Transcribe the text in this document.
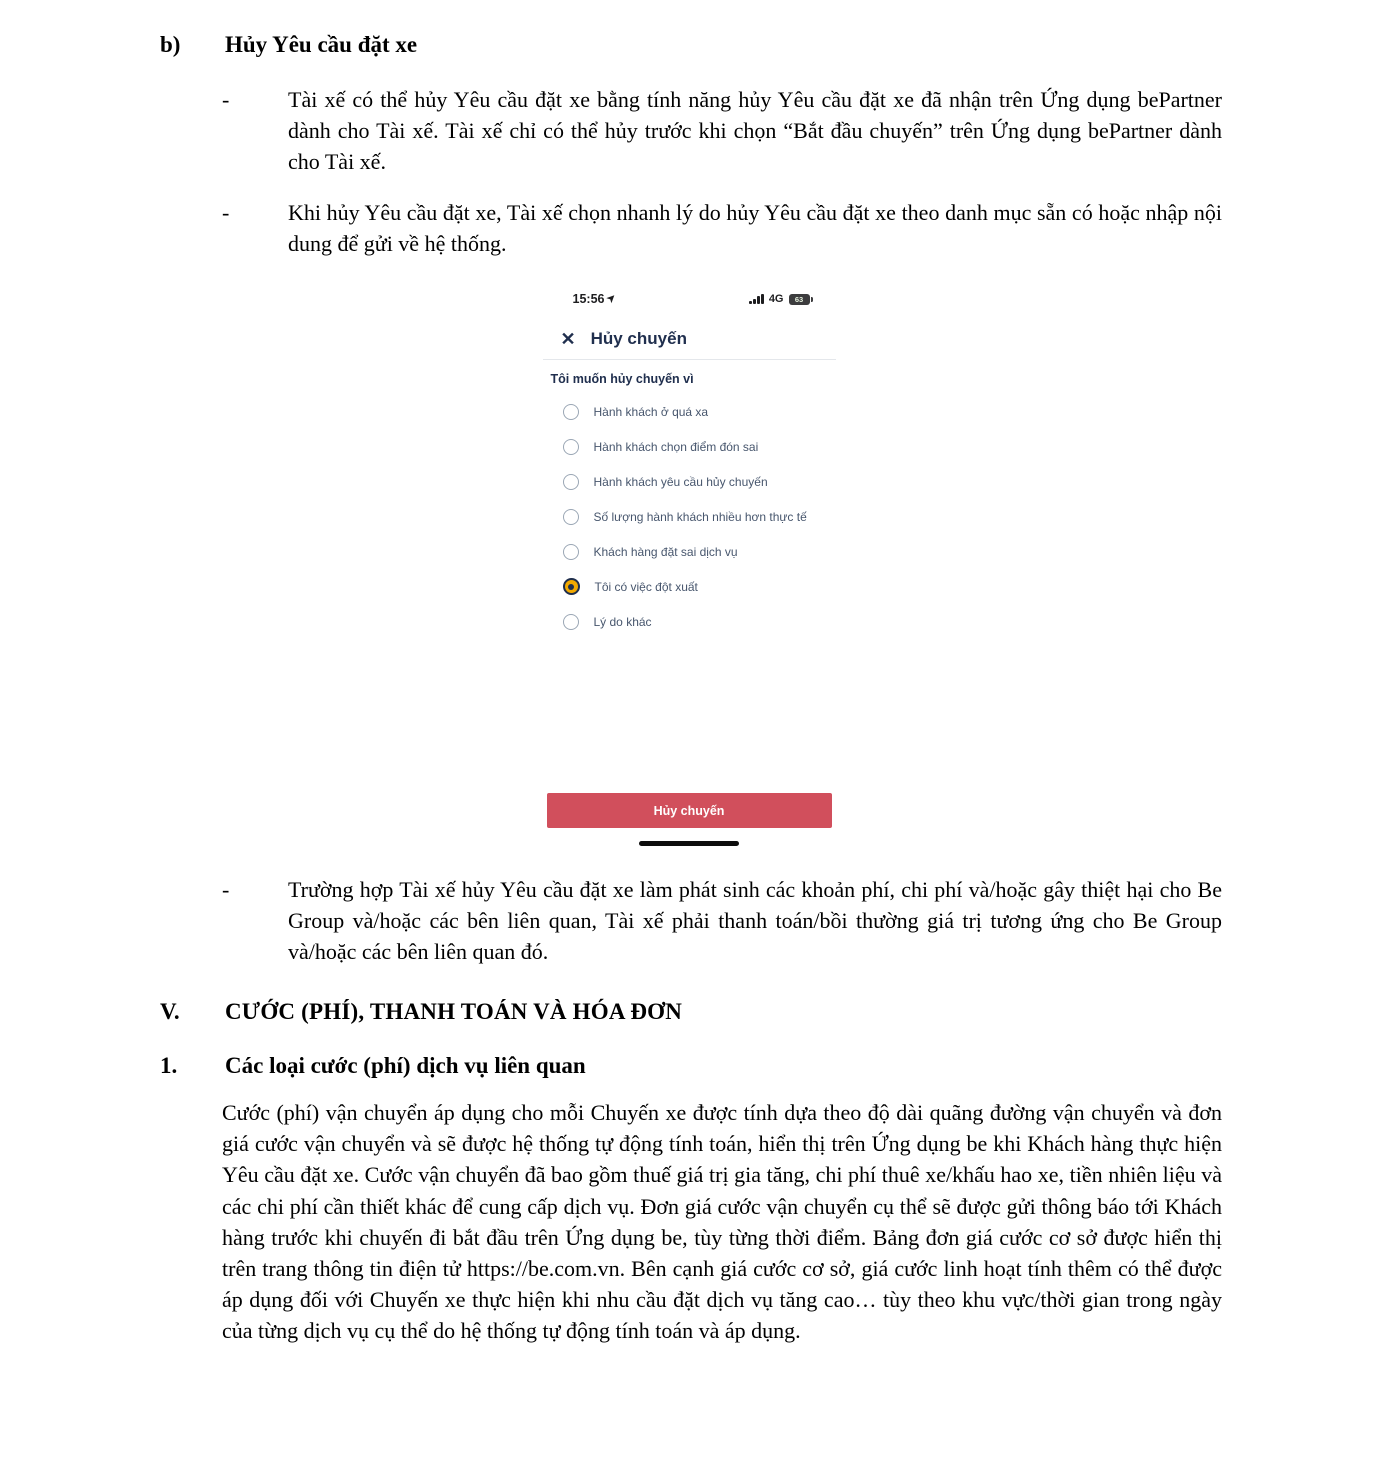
b)	Hủy Yêu cầu đặt xe
-	Tài xế có thể hủy Yêu cầu đặt xe bằng tính năng hủy Yêu cầu đặt xe đã nhận trên Ứng dụng bePartner dành cho Tài xế. Tài xế chỉ có thể hủy trước khi chọn “Bắt đầu chuyến” trên Ứng dụng bePartner dành cho Tài xế.

-	Khi hủy Yêu cầu đặt xe, Tài xế chọn nhanh lý do hủy Yêu cầu đặt xe theo danh mục sẵn có hoặc nhập nội dung để gửi về hệ thống.

15:56 ➤	4G 63
✕ Hủy chuyến
Tôi muốn hủy chuyến vì
Hành khách ở quá xa
Hành khách chọn điểm đón sai
Hành khách yêu cầu hủy chuyến
Số lượng hành khách nhiều hơn thực tế
Khách hàng đặt sai dịch vụ
Tôi có việc đột xuất
Lý do khác
Hủy chuyến
-	Trường hợp Tài xế hủy Yêu cầu đặt xe làm phát sinh các khoản phí, chi phí và/hoặc gây thiệt hại cho Be Group và/hoặc các bên liên quan, Tài xế phải thanh toán/bồi thường giá trị tương ứng cho Be Group và/hoặc các bên liên quan đó.

V.	CƯỚC (PHÍ), THANH TOÁN VÀ HÓA ĐƠN
1.	Các loại cước (phí) dịch vụ liên quan

Cước (phí) vận chuyển áp dụng cho mỗi Chuyến xe được tính dựa theo độ dài quãng đường vận chuyển và đơn giá cước vận chuyển và sẽ được hệ thống tự động tính toán, hiển thị trên Ứng dụng be khi Khách hàng thực hiện Yêu cầu đặt xe. Cước vận chuyển đã bao gồm thuế giá trị gia tăng, chi phí thuê xe/khấu hao xe, tiền nhiên liệu và các chi phí cần thiết khác để cung cấp dịch vụ. Đơn giá cước vận chuyển cụ thể sẽ được gửi thông báo tới Khách hàng trước khi chuyến đi bắt đầu trên Ứng dụng be, tùy từng thời điểm. Bảng đơn giá cước cơ sở được hiển thị trên trang thông tin điện tử https://be.com.vn. Bên cạnh giá cước cơ sở, giá cước linh hoạt tính thêm có thể được áp dụng đối với Chuyến xe thực hiện khi nhu cầu đặt dịch vụ tăng cao… tùy theo khu vực/thời gian trong ngày của từng dịch vụ cụ thể do hệ thống tự động tính toán và áp dụng.
